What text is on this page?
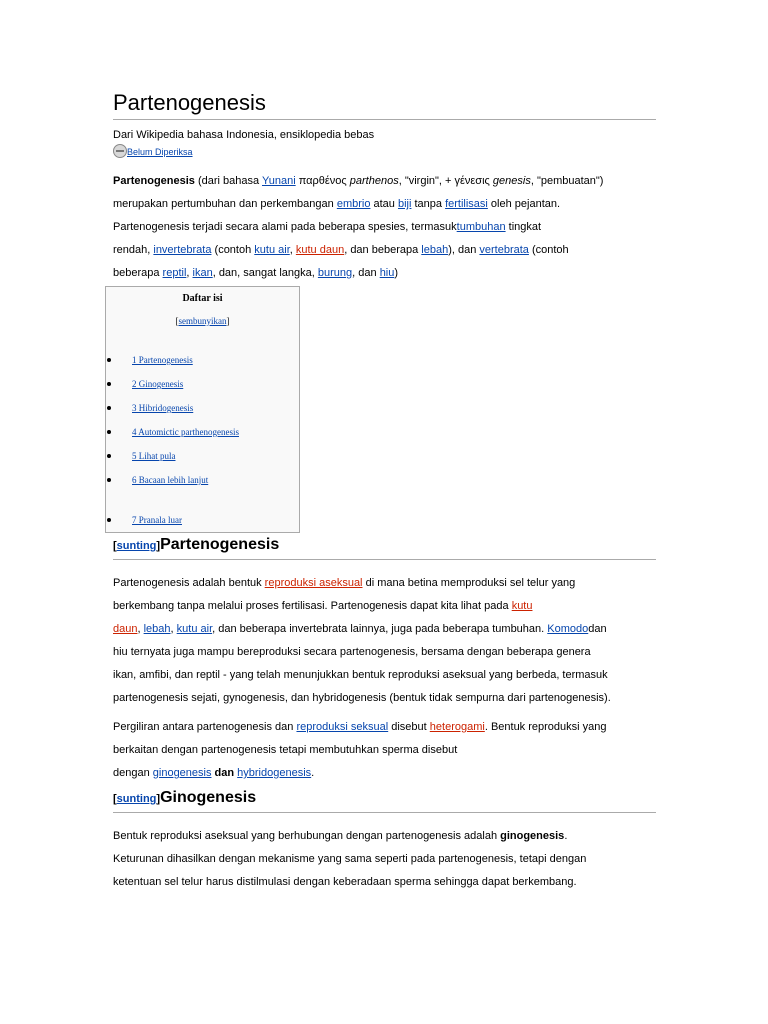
Partenogenesis
Dari Wikipedia bahasa Indonesia, ensiklopedia bebas
Belum Diperiksa
Partenogenesis (dari bahasa Yunani παρθένος parthenos, "virgin", + γένεσις genesis, "pembuatan")
merupakan pertumbuhan dan perkembangan embrio atau biji tanpa fertilisasi oleh pejantan.
Partenogenesis terjadi secara alami pada beberapa spesies, termasuktumbuhan tingkat
rendah, invertebrata (contoh kutu air, kutu daun, dan beberapa lebah), dan vertebrata (contoh
beberapa reptil, ikan, dan, sangat langka, burung, dan hiu)
Daftar isi
[sembunyikan]
1 Partenogenesis
2 Ginogenesis
3 Hibridogenesis
4 Automictic parthenogenesis
5 Lihat pula
6 Bacaan lebih lanjut
7 Pranala luar
[sunting]Partenogenesis
Partenogenesis adalah bentuk reproduksi aseksual di mana betina memproduksi sel telur yang
berkembang tanpa melalui proses fertilisasi. Partenogenesis dapat kita lihat pada kutu
daun, lebah, kutu air, dan beberapa invertebrata lainnya, juga pada beberapa tumbuhan. Komododan
hiu ternyata juga mampu bereproduksi secara partenogenesis, bersama dengan beberapa genera
ikan, amfibi, dan reptil - yang telah menunjukkan bentuk reproduksi aseksual yang berbeda, termasuk
partenogenesis sejati, gynogenesis, dan hybridogenesis (bentuk tidak sempurna dari partenogenesis).
Pergiliran antara partenogenesis dan reproduksi seksual disebut heterogami. Bentuk reproduksi yang
berkaitan dengan partenogenesis tetapi membutuhkan sperma disebut
dengan ginogenesis dan hybridogenesis.
[sunting]Ginogenesis
Bentuk reproduksi aseksual yang berhubungan dengan partenogenesis adalah ginogenesis.
Keturunan dihasilkan dengan mekanisme yang sama seperti pada partenogenesis, tetapi dengan
ketentuan sel telur harus distilmulasi dengan keberadaan sperma sehingga dapat berkembang.
